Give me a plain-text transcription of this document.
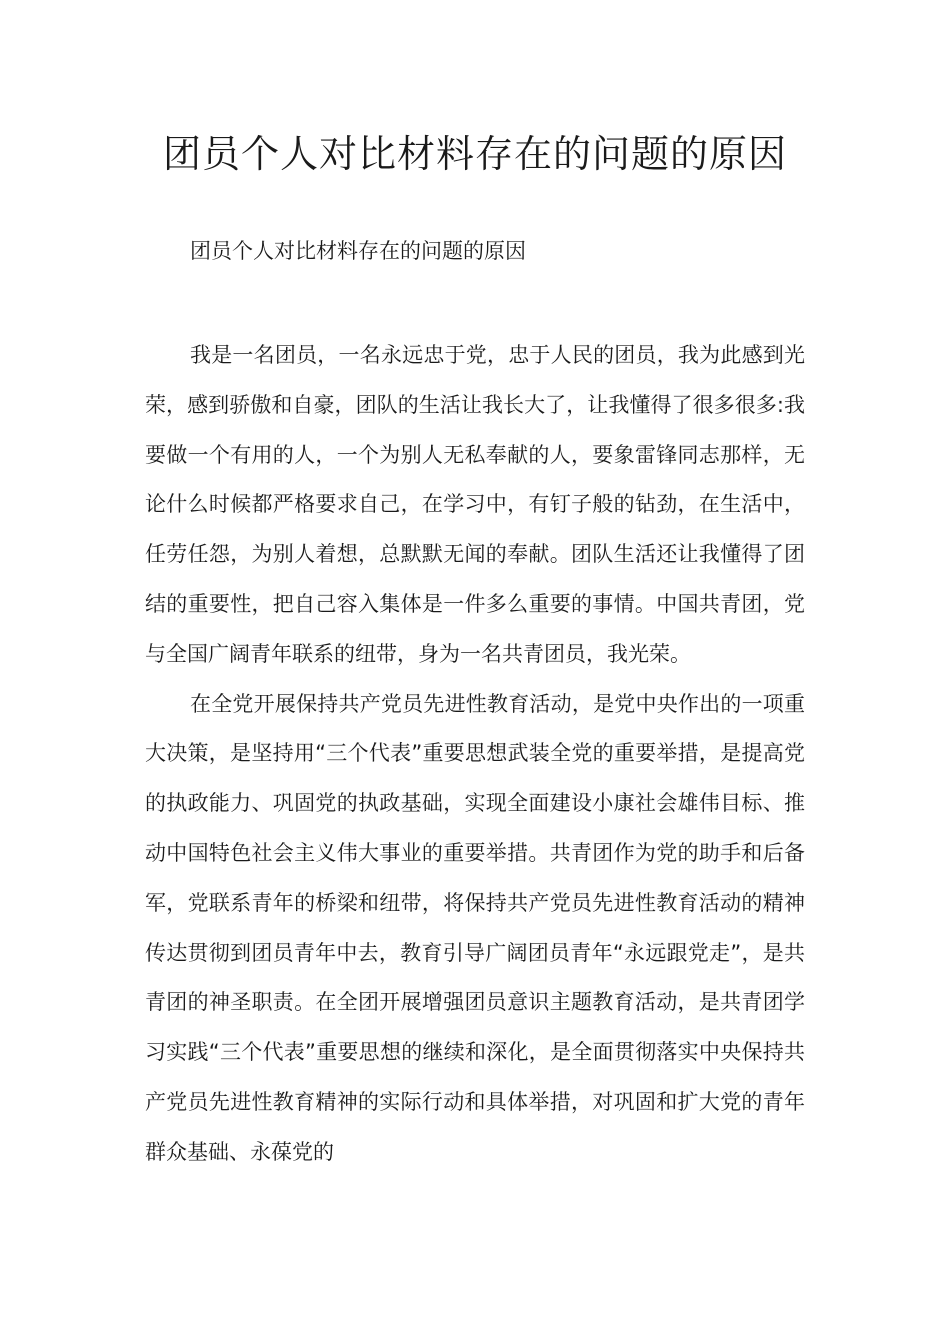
团员个人对比材料存在的问题的原因

团员个人对比材料存在的问题的原因

我是一名团员，一名永远忠于党，忠于人民的团员，我为此感到光荣，感到骄傲和自豪，团队的生活让我长大了，让我懂得了很多很多:我要做一个有用的人，一个为别人无私奉献的人，要象雷锋同志那样，无论什么时候都严格要求自己，在学习中，有钉子般的钻劲，在生活中，任劳任怨，为别人着想，总默默无闻的奉献。团队生活还让我懂得了团结的重要性，把自己容入集体是一件多么重要的事情。中国共青团，党与全国广阔青年联系的纽带，身为一名共青团员，我光荣。

在全党开展保持共产党员先进性教育活动，是党中央作出的一项重大决策，是坚持用“三个代表”重要思想武装全党的重要举措，是提高党的执政能力、巩固党的执政基础，实现全面建设小康社会雄伟目标、推动中国特色社会主义伟大事业的重要举措。共青团作为党的助手和后备军，党联系青年的桥梁和纽带，将保持共产党员先进性教育活动的精神传达贯彻到团员青年中去，教育引导广阔团员青年“永远跟党走”，是共青团的神圣职责。在全团开展增强团员意识主题教育活动，是共青团学习实践“三个代表”重要思想的继续和深化，是全面贯彻落实中央保持共产党员先进性教育精神的实际行动和具体举措，对巩固和扩大党的青年群众基础、永葆党的
